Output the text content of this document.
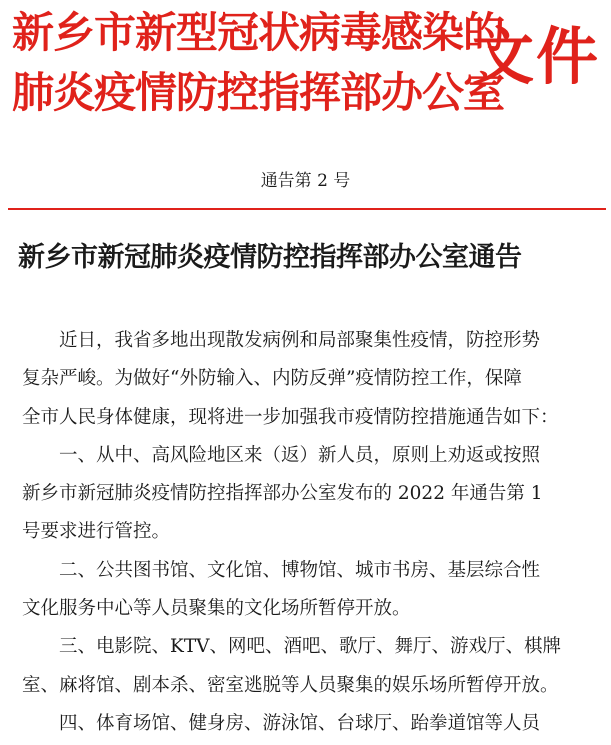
新乡市新型冠状病毒感染的
肺炎疫情防控指挥部办公室
文件
通告第 2 号
新乡市新冠肺炎疫情防控指挥部办公室通告
近日，我省多地出现散发病例和局部聚集性疫情，防控形势
复杂严峻。为做好“外防输入、内防反弹”疫情防控工作，保障
全市人民身体健康，现将进一步加强我市疫情防控措施通告如下：
一、从中、高风险地区来（返）新人员，原则上劝返或按照
新乡市新冠肺炎疫情防控指挥部办公室发布的 2022 年通告第 1
号要求进行管控。
二、公共图书馆、文化馆、博物馆、城市书房、基层综合性
文化服务中心等人员聚集的文化场所暂停开放。
三、电影院、KTV、网吧、酒吧、歌厅、舞厅、游戏厅、棋牌
室、麻将馆、剧本杀、密室逃脱等人员聚集的娱乐场所暂停开放。
四、体育场馆、健身房、游泳馆、台球厅、跆拳道馆等人员
